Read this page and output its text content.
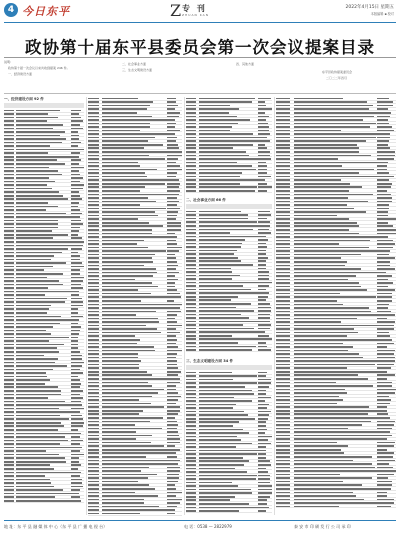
4 今日东平	Z 专 刊
ZHUAN KAN
2022年4月15日 星期五
本版编辑 ▪ 校对
政协第十届东平县委员会第一次会议提案目录
说明：
政协第十届一次会议以来共收到提案 246 件。
一、经济建设方面
二、社会事业方面
三、生态文明建设方面
四、其他方面
东平县政协提案委员会
二〇二二年四月
一、经济建设方面 92 件
二、社会事业方面 66 件
三、生态文明建设方面 34 件
地 址：东 平 县 融 媒 体 中 心（东 平 县 广 播 电 视 台）	电 话：0538 — 2822979	泰 安 市 印 刷 发 行 公 司 承 印
